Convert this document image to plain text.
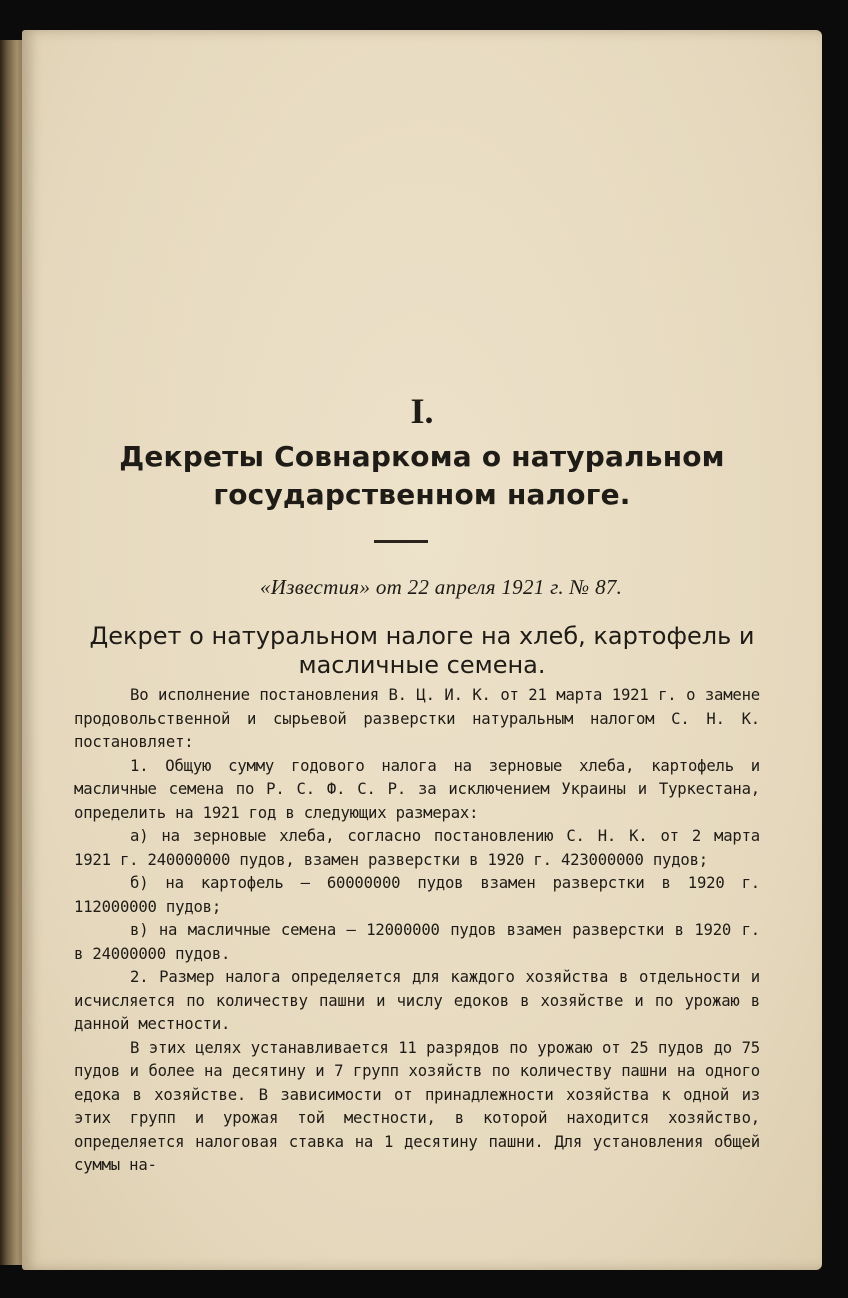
I.
Декреты Совнаркома о натуральном государственном налоге.
«Известия» от 22 апреля 1921 г. № 87.
Декрет о натуральном налоге на хлеб, картофель и масличные семена.

Во исполнение постановления В. Ц. И. К. от 21 марта 1921 г. о замене продовольственной и сырьевой разверстки натуральным налогом С. Н. К. постановляет:

1. Общую сумму годового налога на зерновые хлеба, картофель и масличные семена по Р. С. Ф. С. Р. за исключением Украины и Туркестана, определить на 1921 год в следующих размерах:

а) на зерновые хлеба, согласно постановлению С. Н. К. от 2 марта 1921 г. 240000000 пудов, взамен разверстки в 1920 г. 423000000 пудов;

б) на картофель — 60000000 пудов взамен разверстки в 1920 г. 112000000 пудов;

в) на масличные семена — 12000000 пудов взамен разверстки в 1920 г. в 24000000 пудов.

2. Размер налога определяется для каждого хозяйства в отдельности и исчисляется по количеству пашни и числу едоков в хозяйстве и по урожаю в данной местности.

В этих целях устанавливается 11 разрядов по урожаю от 25 пудов до 75 пудов и более на десятину и 7 групп хозяйств по количеству пашни на одного едока в хозяйстве. В зависимости от принадлежности хозяйства к одной из этих групп и урожая той местности, в которой находится хозяйство, определяется налоговая ставка на 1 десятину пашни. Для установления общей суммы на-
